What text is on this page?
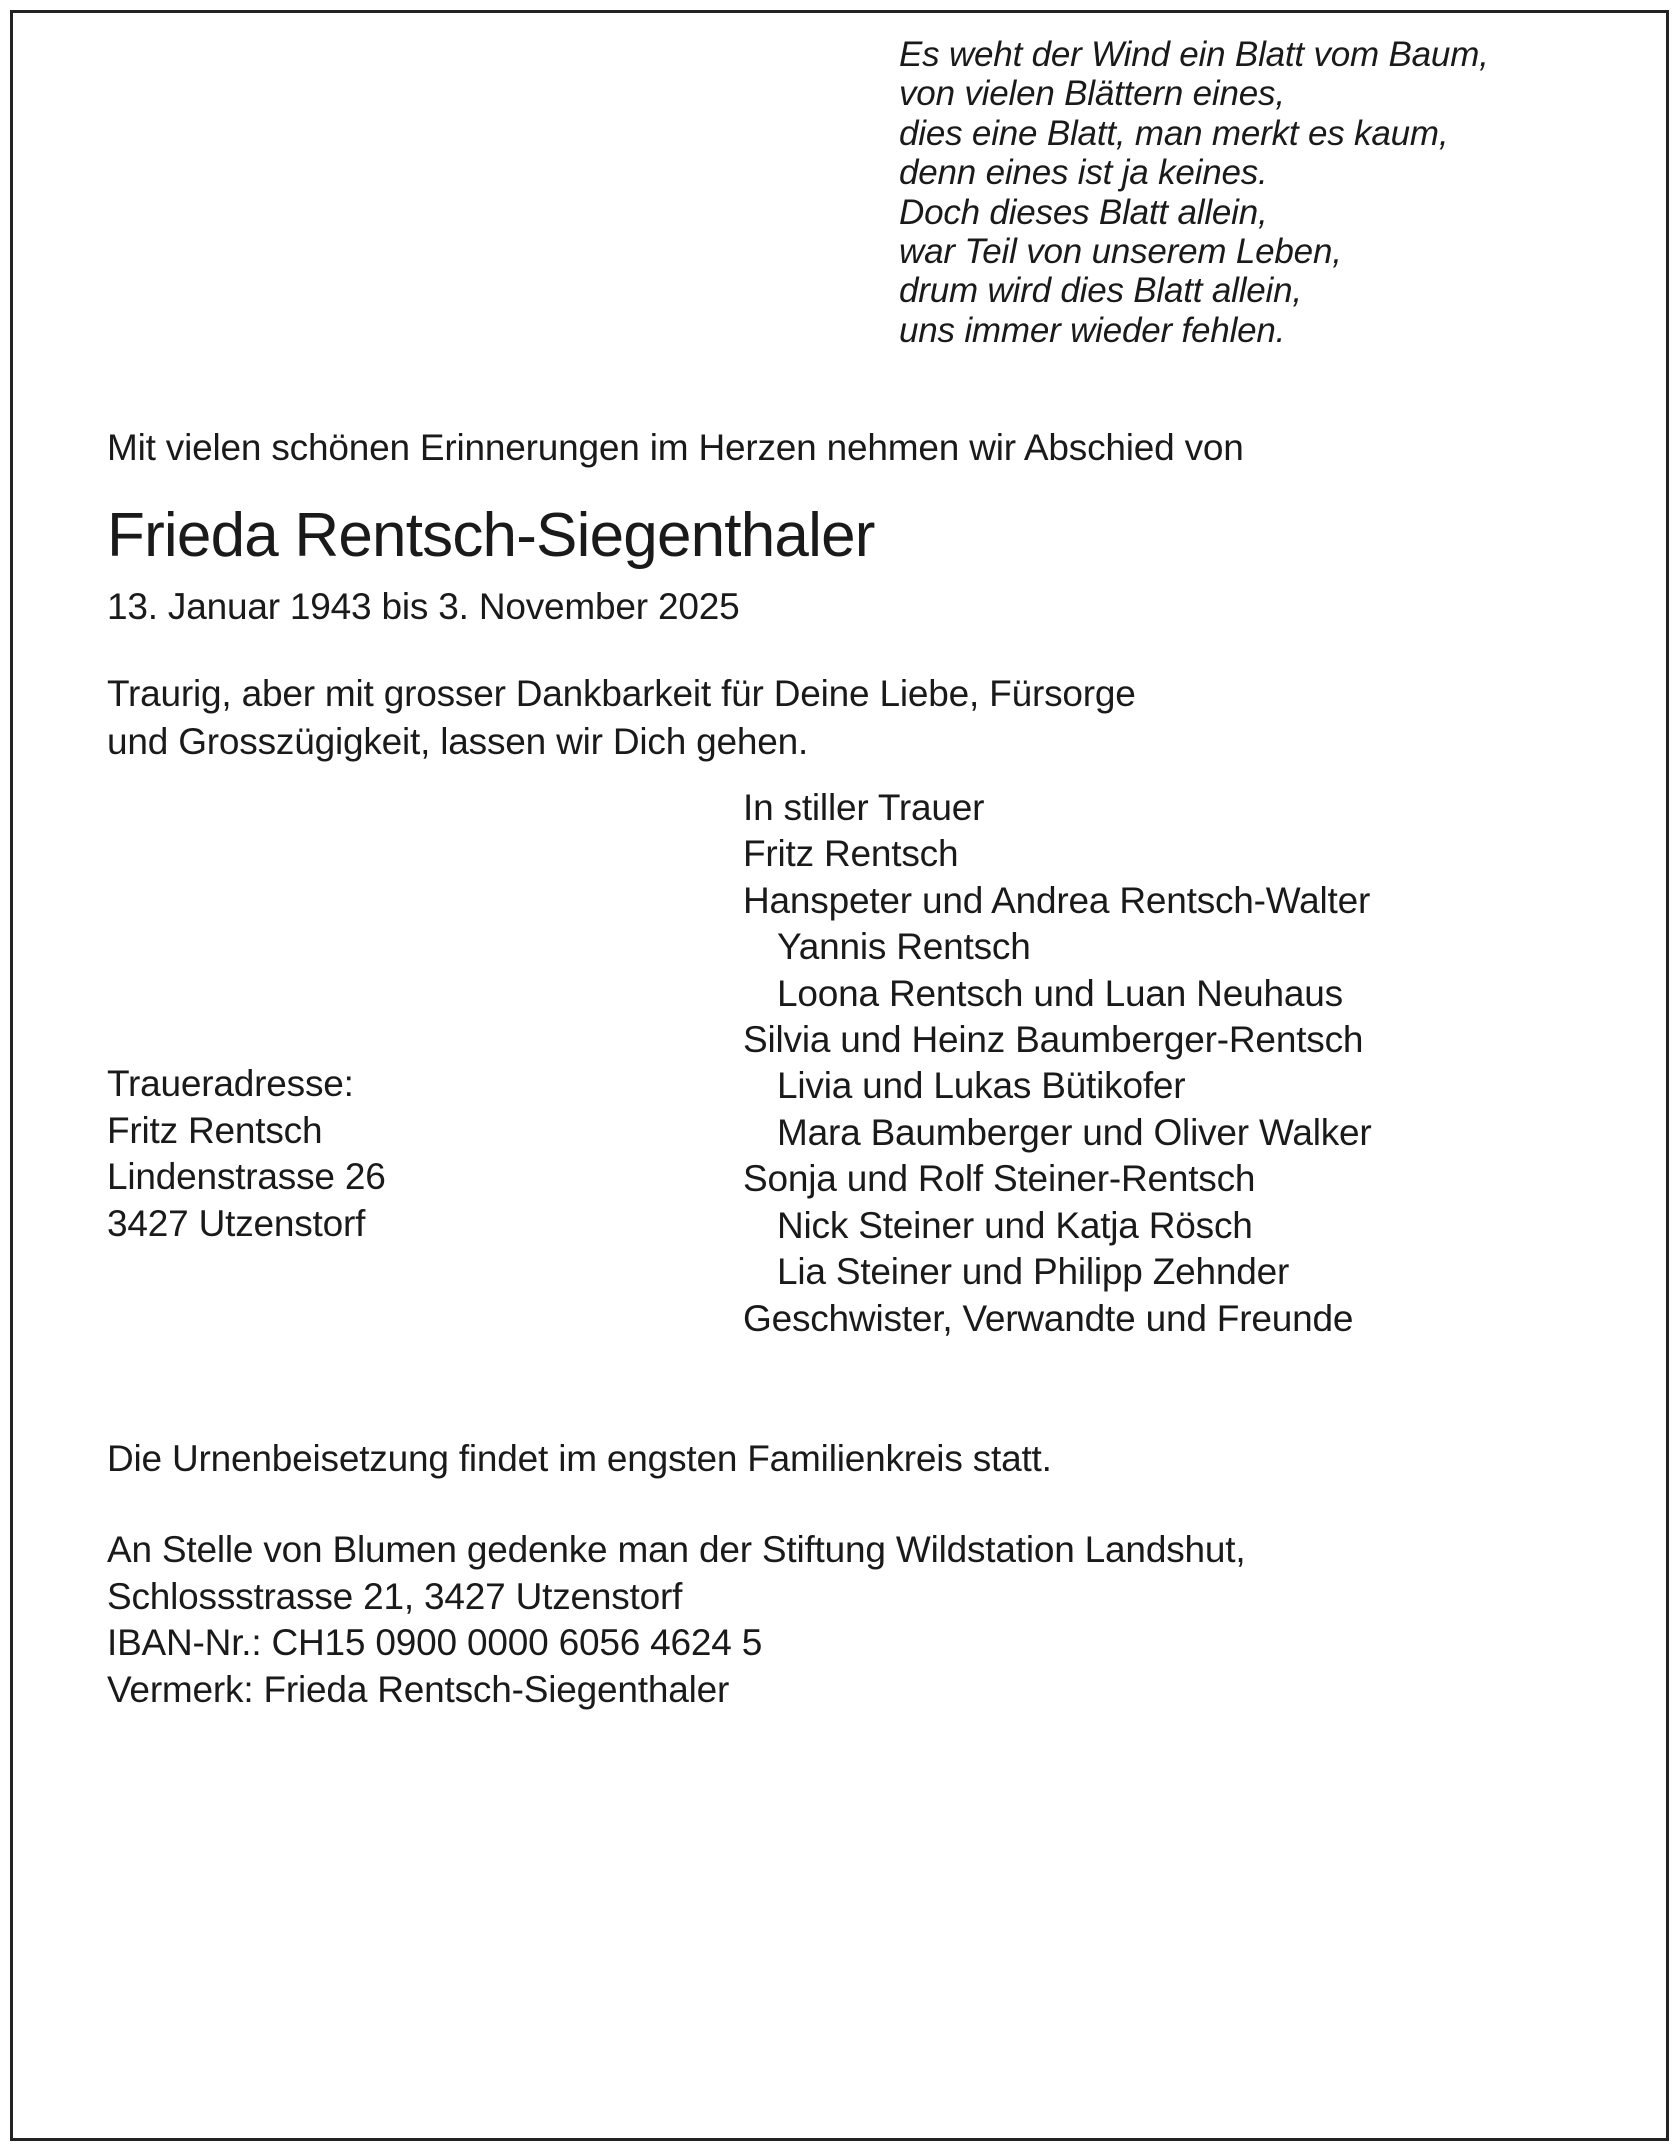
Es weht der Wind ein Blatt vom Baum,
von vielen Blättern eines,
dies eine Blatt, man merkt es kaum,
denn eines ist ja keines.
Doch dieses Blatt allein,
war Teil von unserem Leben,
drum wird dies Blatt allein,
uns immer wieder fehlen.

Mit vielen schönen Erinnerungen im Herzen nehmen wir Abschied von

Frieda Rentsch-Siegenthaler

13. Januar 1943 bis 3. November 2025

Traurig, aber mit grosser Dankbarkeit für Deine Liebe, Fürsorge und Grosszügigkeit, lassen wir Dich gehen.

In stiller Trauer
Fritz Rentsch
Hanspeter und Andrea Rentsch-Walter
Yannis Rentsch
Loona Rentsch und Luan Neuhaus
Silvia und Heinz Baumberger-Rentsch
Livia und Lukas Bütikofer
Mara Baumberger und Oliver Walker
Sonja und Rolf Steiner-Rentsch
Nick Steiner und Katja Rösch
Lia Steiner und Philipp Zehnder
Geschwister, Verwandte und Freunde
Traueradresse:
Fritz Rentsch
Lindenstrasse 26
3427 Utzenstorf

Die Urnenbeisetzung findet im engsten Familienkreis statt.

An Stelle von Blumen gedenke man der Stiftung Wildstation Landshut,
Schlossstrasse 21, 3427 Utzenstorf
IBAN-Nr.: CH15 0900 0000 6056 4624 5
Vermerk: Frieda Rentsch-Siegenthaler
